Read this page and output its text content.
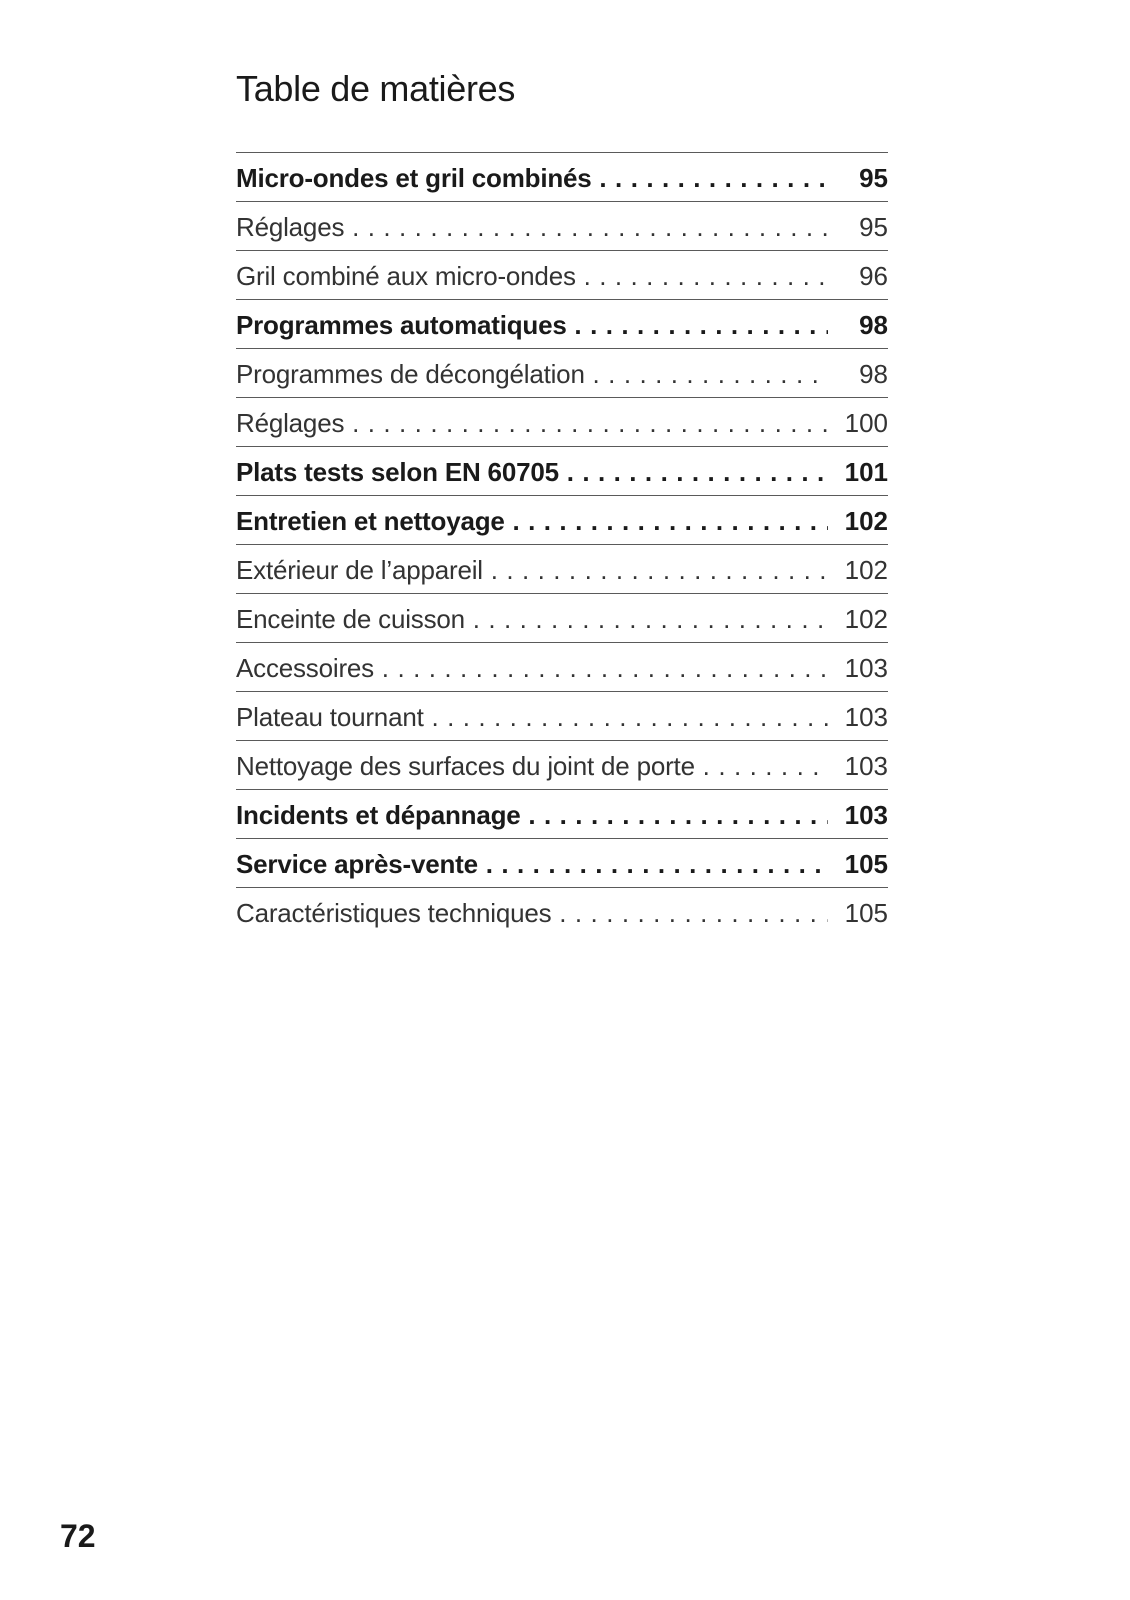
Table de matières
Micro-ondes et gril combinés . . .	95
Réglages . . .	95
Gril combiné aux micro-ondes . . .	96
Programmes automatiques . . .	98
Programmes de décongélation . . .	98
Réglages . . .	100
Plats tests selon EN 60705 . . .	101
Entretien et nettoyage . . .	102
Extérieur de l’appareil . . .	102
Enceinte de cuisson . . .	102
Accessoires . . .	103
Plateau tournant . . .	103
Nettoyage des surfaces du joint de porte . . .	103
Incidents et dépannage . . .	103
Service après-vente . . .	105
Caractéristiques techniques . . .	105
72
